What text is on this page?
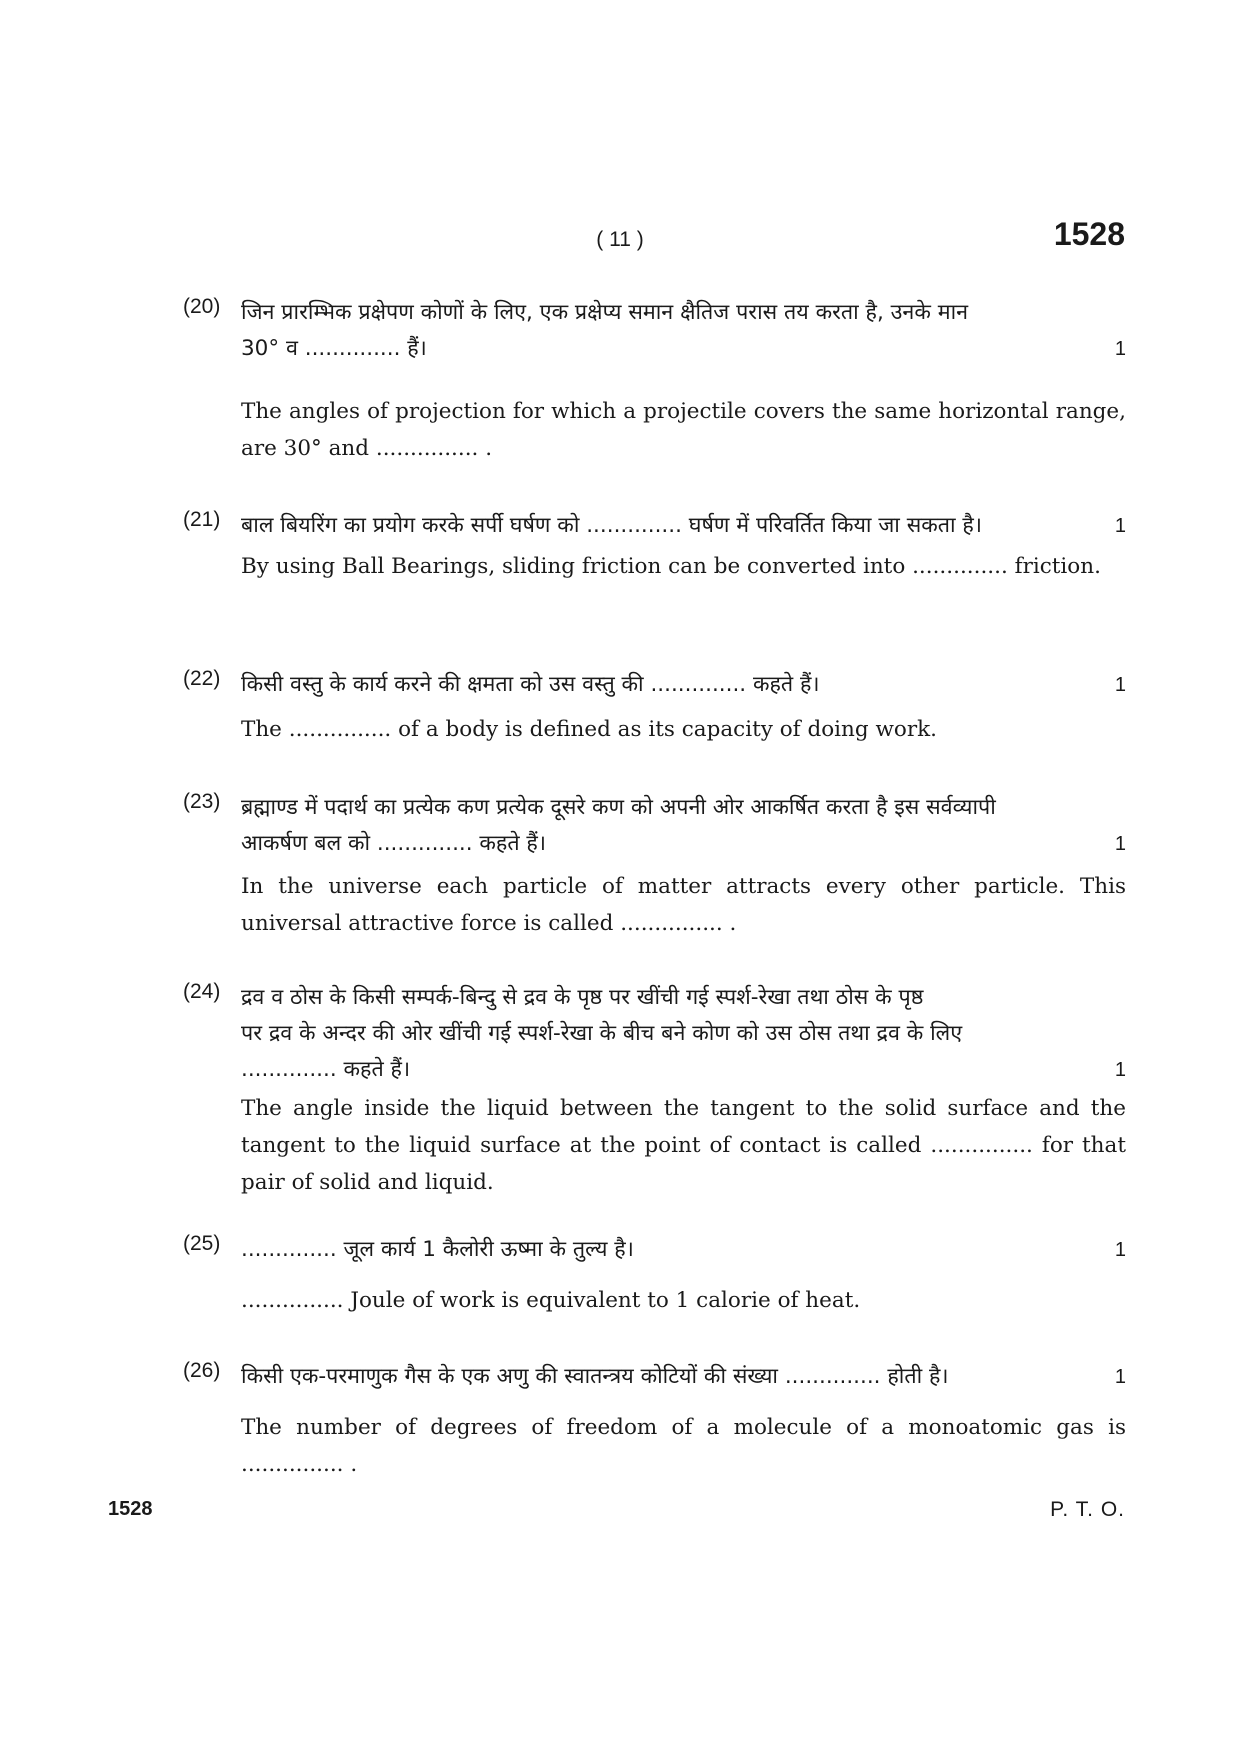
( 11 )	1528
(20) जिन प्रारम्भिक प्रक्षेपण कोणों के लिए, एक प्रक्षेप्य समान क्षैतिज परास तय करता है, उनके मान

30° व .............. हैं।	1

The angles of projection for which a projectile covers the same horizontal range, are 30° and ............... .

(21) बाल बियरिंग का प्रयोग करके सर्पी घर्षण को .............. घर्षण में परिवर्तित किया जा सकता है।	1

By using Ball Bearings, sliding friction can be converted into .............. friction.

(22) किसी वस्तु के कार्य करने की क्षमता को उस वस्तु की .............. कहते हैं।	1

The ............... of a body is defined as its capacity of doing work.

(23) ब्रह्माण्ड में पदार्थ का प्रत्येक कण प्रत्येक दूसरे कण को अपनी ओर आकर्षित करता है इस सर्वव्यापी

आकर्षण बल को .............. कहते हैं।	1

In the universe each particle of matter attracts every other particle. This universal attractive force is called ............... .

(24) द्रव व ठोस के किसी सम्पर्क-बिन्दु से द्रव के पृष्ठ पर खींची गई स्पर्श-रेखा तथा ठोस के पृष्ठ

पर द्रव के अन्दर की ओर खींची गई स्पर्श-रेखा के बीच बने कोण को उस ठोस तथा द्रव के लिए

.............. कहते हैं।	1

The angle inside the liquid between the tangent to the solid surface and the tangent to the liquid surface at the point of contact is called ............... for that pair of solid and liquid.

(25) .............. जूल कार्य 1 कैलोरी ऊष्मा के तुल्य है।	1

............... Joule of work is equivalent to 1 calorie of heat.

(26) किसी एक-परमाणुक गैस के एक अणु की स्वातन्त्रय कोटियों की संख्या .............. होती है।	1

The number of degrees of freedom of a molecule of a monoatomic gas is ............... .

1528	P. T. O.
